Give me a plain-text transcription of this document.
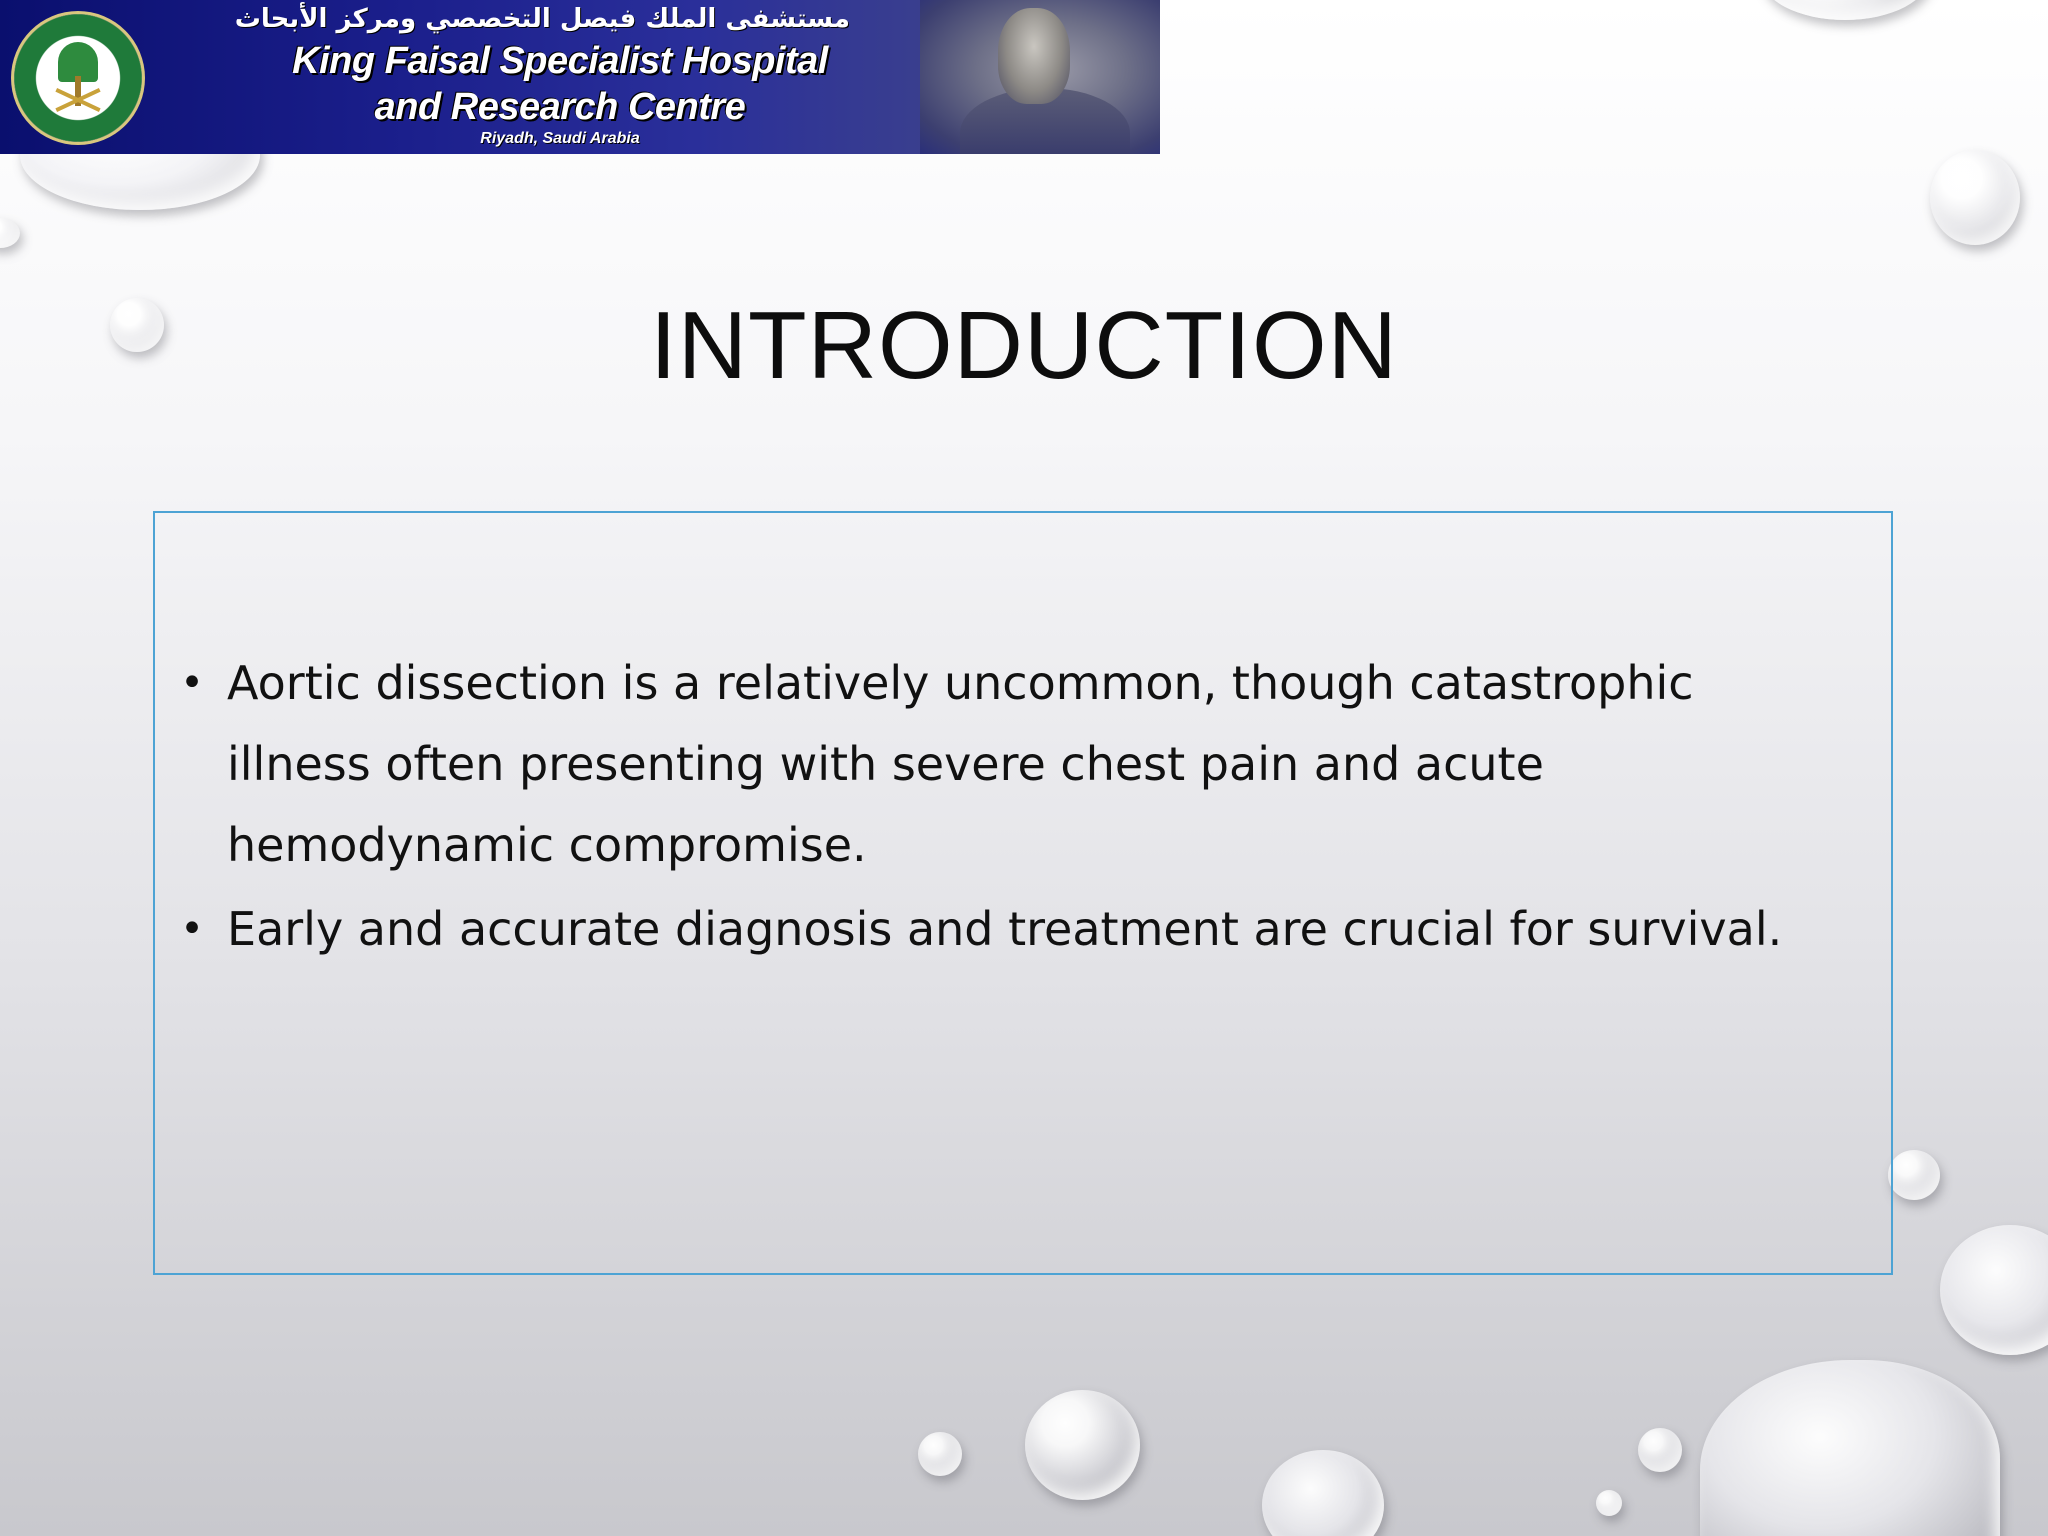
مستشفى الملك فيصل التخصصي ومركز الأبحاث
King Faisal Specialist Hospital
and Research Centre
Riyadh, Saudi Arabia
INTRODUCTION
• Aortic dissection is a relatively uncommon, though catastrophic illness often presenting with severe chest pain and acute hemodynamic compromise.
• Early and accurate diagnosis and treatment are crucial for survival.
